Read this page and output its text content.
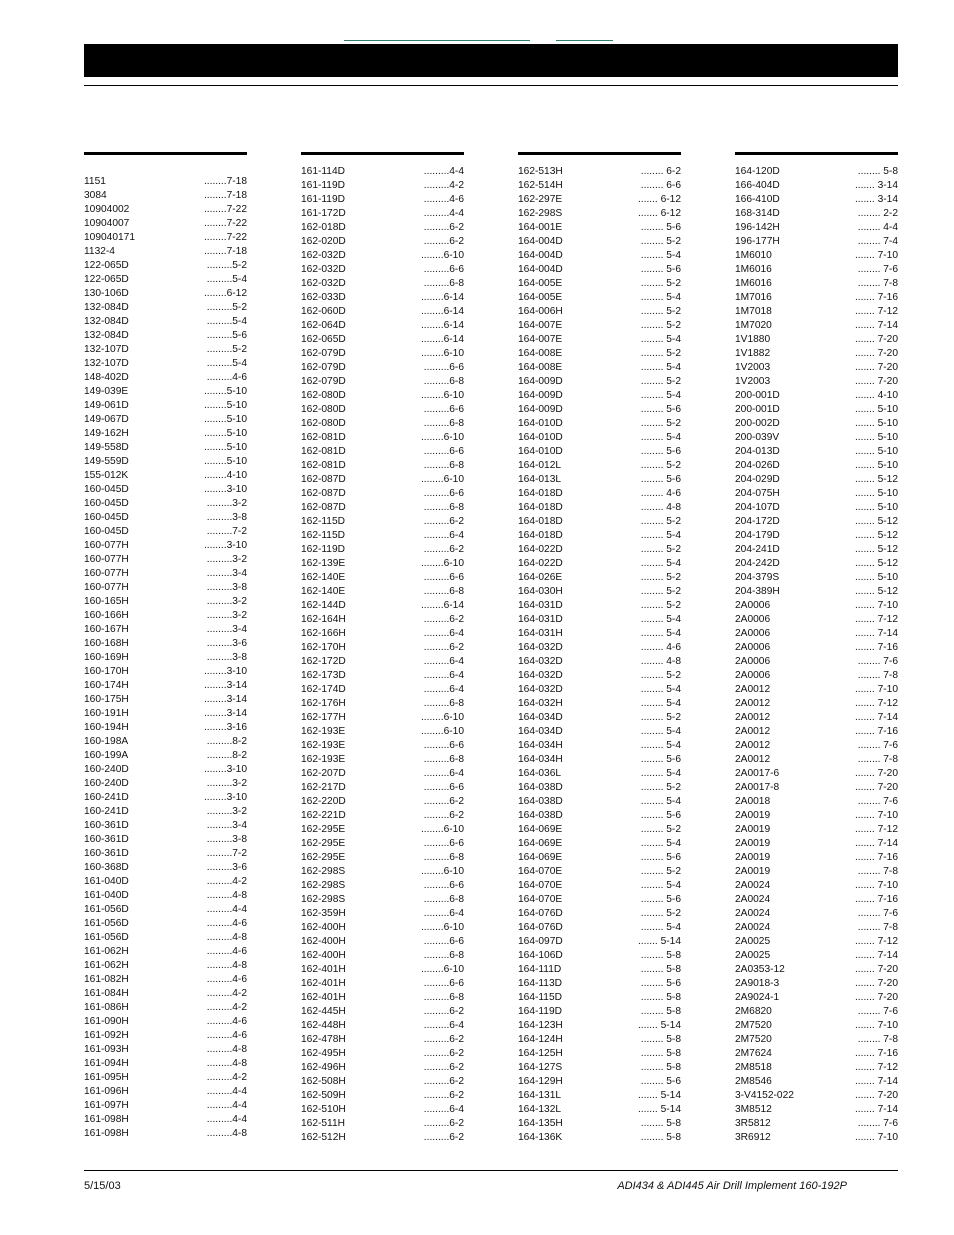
1151	........7-18
3084	........7-18
10904002	........7-22
10904007	........7-22
109040171	........7-22
1132-4	........7-18
122-065D	.........5-2
122-065D	.........5-4
130-106D	........6-12
132-084D	.........5-2
132-084D	.........5-4
132-084D	.........5-6
132-107D	.........5-2
132-107D	.........5-4
148-402D	.........4-6
149-039E	........5-10
149-061D	........5-10
149-067D	........5-10
149-162H	........5-10
149-558D	........5-10
149-559D	........5-10
155-012K	........4-10
160-045D	........3-10
160-045D	.........3-2
160-045D	.........3-8
160-045D	.........7-2
160-077H	........3-10
160-077H	.........3-2
160-077H	.........3-4
160-077H	.........3-8
160-165H	.........3-2
160-166H	.........3-2
160-167H	.........3-4
160-168H	.........3-6
160-169H	.........3-8
160-170H	........3-10
160-174H	........3-14
160-175H	........3-14
160-191H	........3-14
160-194H	........3-16
160-198A	.........8-2
160-199A	.........8-2
160-240D	........3-10
160-240D	.........3-2
160-241D	........3-10
160-241D	.........3-2
160-361D	.........3-4
160-361D	.........3-8
160-361D	.........7-2
160-368D	.........3-6
161-040D	.........4-2
161-040D	.........4-8
161-056D	.........4-4
161-056D	.........4-6
161-056D	.........4-8
161-062H	.........4-6
161-062H	.........4-8
161-082H	.........4-6
161-084H	.........4-2
161-086H	.........4-2
161-090H	.........4-6
161-092H	.........4-6
161-093H	.........4-8
161-094H	.........4-8
161-095H	.........4-2
161-096H	.........4-4
161-097H	.........4-4
161-098H	.........4-4
161-098H	.........4-8
161-114D	.........4-4
161-119D	.........4-2
161-119D	.........4-6
161-172D	.........4-4
162-018D	.........6-2
162-020D	.........6-2
162-032D	........6-10
162-032D	.........6-6
162-032D	.........6-8
162-033D	........6-14
162-060D	........6-14
162-064D	........6-14
162-065D	........6-14
162-079D	........6-10
162-079D	.........6-6
162-079D	.........6-8
162-080D	........6-10
162-080D	.........6-6
162-080D	.........6-8
162-081D	........6-10
162-081D	.........6-6
162-081D	.........6-8
162-087D	........6-10
162-087D	.........6-6
162-087D	.........6-8
162-115D	.........6-2
162-115D	.........6-4
162-119D	.........6-2
162-139E	........6-10
162-140E	.........6-6
162-140E	.........6-8
162-144D	........6-14
162-164H	.........6-2
162-166H	.........6-4
162-170H	.........6-2
162-172D	.........6-4
162-173D	.........6-4
162-174D	.........6-4
162-176H	.........6-8
162-177H	........6-10
162-193E	........6-10
162-193E	.........6-6
162-193E	.........6-8
162-207D	.........6-4
162-217D	.........6-6
162-220D	.........6-2
162-221D	.........6-2
162-295E	........6-10
162-295E	.........6-6
162-295E	.........6-8
162-298S	........6-10
162-298S	.........6-6
162-298S	.........6-8
162-359H	.........6-4
162-400H	........6-10
162-400H	.........6-6
162-400H	.........6-8
162-401H	........6-10
162-401H	.........6-6
162-401H	.........6-8
162-445H	.........6-2
162-448H	.........6-4
162-478H	.........6-2
162-495H	.........6-2
162-496H	.........6-2
162-508H	.........6-2
162-509H	.........6-2
162-510H	.........6-4
162-511H	.........6-2
162-512H	.........6-2
162-513H	........ 6-2
162-514H	........ 6-6
162-297E	....... 6-12
162-298S	....... 6-12
164-001E	........ 5-6
164-004D	........ 5-2
164-004D	........ 5-4
164-004D	........ 5-6
164-005E	........ 5-2
164-005E	........ 5-4
164-006H	........ 5-2
164-007E	........ 5-2
164-007E	........ 5-4
164-008E	........ 5-2
164-008E	........ 5-4
164-009D	........ 5-2
164-009D	........ 5-4
164-009D	........ 5-6
164-010D	........ 5-2
164-010D	........ 5-4
164-010D	........ 5-6
164-012L	........ 5-2
164-013L	........ 5-6
164-018D	........ 4-6
164-018D	........ 4-8
164-018D	........ 5-2
164-018D	........ 5-4
164-022D	........ 5-2
164-022D	........ 5-4
164-026E	........ 5-2
164-030H	........ 5-2
164-031D	........ 5-2
164-031D	........ 5-4
164-031H	........ 5-4
164-032D	........ 4-6
164-032D	........ 4-8
164-032D	........ 5-2
164-032D	........ 5-4
164-032H	........ 5-4
164-034D	........ 5-2
164-034D	........ 5-4
164-034H	........ 5-4
164-034H	........ 5-6
164-036L	........ 5-4
164-038D	........ 5-2
164-038D	........ 5-4
164-038D	........ 5-6
164-069E	........ 5-2
164-069E	........ 5-4
164-069E	........ 5-6
164-070E	........ 5-2
164-070E	........ 5-4
164-070E	........ 5-6
164-076D	........ 5-2
164-076D	........ 5-4
164-097D	....... 5-14
164-106D	........ 5-8
164-111D	........ 5-8
164-113D	........ 5-6
164-115D	........ 5-8
164-119D	........ 5-8
164-123H	....... 5-14
164-124H	........ 5-8
164-125H	........ 5-8
164-127S	........ 5-8
164-129H	........ 5-6
164-131L	....... 5-14
164-132L	....... 5-14
164-135H	........ 5-8
164-136K	........ 5-8
164-120D	........ 5-8
166-404D	....... 3-14
166-410D	....... 3-14
168-314D	........ 2-2
196-142H	........ 4-4
196-177H	........ 7-4
1M6010	....... 7-10
1M6016	........ 7-6
1M6016	........ 7-8
1M7016	....... 7-16
1M7018	....... 7-12
1M7020	....... 7-14
1V1880	....... 7-20
1V1882	....... 7-20
1V2003	....... 7-20
1V2003	....... 7-20
200-001D	....... 4-10
200-001D	....... 5-10
200-002D	....... 5-10
200-039V	....... 5-10
204-013D	....... 5-10
204-026D	....... 5-10
204-029D	....... 5-12
204-075H	....... 5-10
204-107D	....... 5-10
204-172D	....... 5-12
204-179D	....... 5-12
204-241D	....... 5-12
204-242D	....... 5-12
204-379S	....... 5-10
204-389H	....... 5-12
2A0006	....... 7-10
2A0006	....... 7-12
2A0006	....... 7-14
2A0006	....... 7-16
2A0006	........ 7-6
2A0006	........ 7-8
2A0012	....... 7-10
2A0012	....... 7-12
2A0012	....... 7-14
2A0012	....... 7-16
2A0012	........ 7-6
2A0012	........ 7-8
2A0017-6	....... 7-20
2A0017-8	....... 7-20
2A0018	........ 7-6
2A0019	....... 7-10
2A0019	....... 7-12
2A0019	....... 7-14
2A0019	....... 7-16
2A0019	........ 7-8
2A0024	....... 7-10
2A0024	....... 7-16
2A0024	........ 7-6
2A0024	........ 7-8
2A0025	....... 7-12
2A0025	....... 7-14
2A0353-12	....... 7-20
2A9018-3	....... 7-20
2A9024-1	....... 7-20
2M6820	........ 7-6
2M7520	....... 7-10
2M7520	........ 7-8
2M7624	....... 7-16
2M8518	....... 7-12
2M8546	....... 7-14
3-V4152-022	....... 7-20
3M8512	....... 7-14
3R5812	........ 7-6
3R6912	....... 7-10
5/15/03	ADI434 & ADI445 Air Drill Implement 160-192P
